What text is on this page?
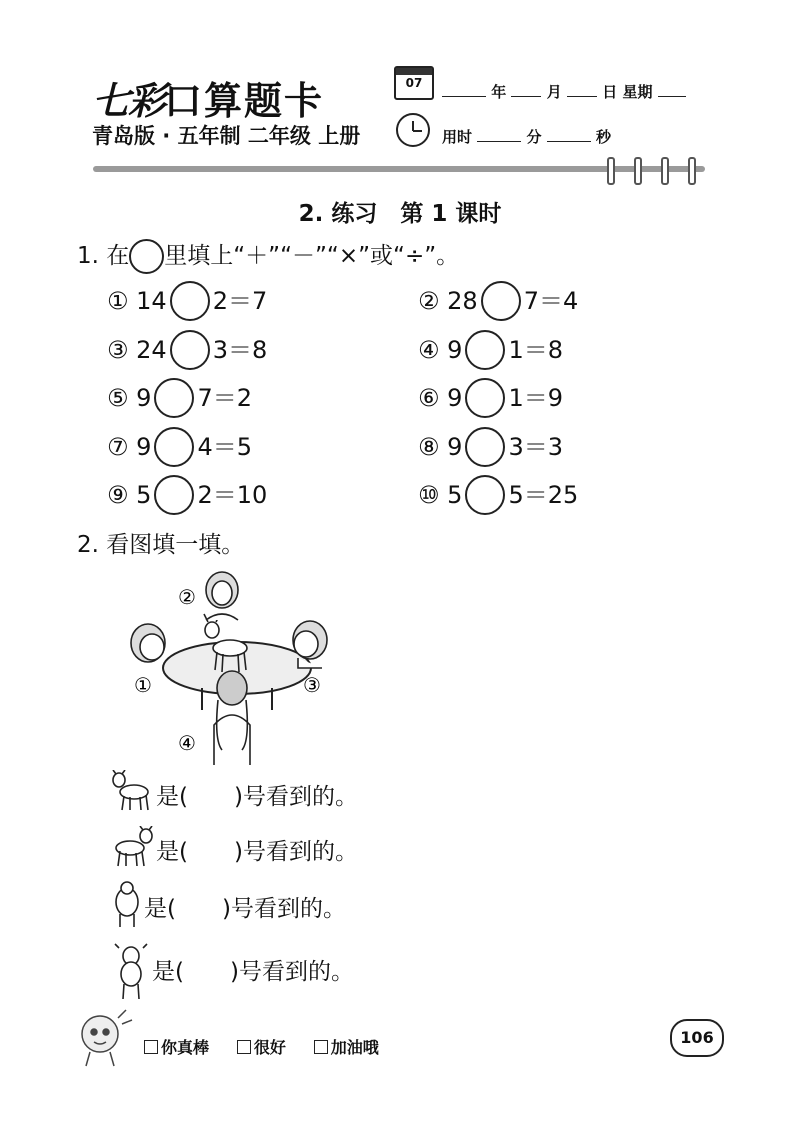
七彩口算题卡
青岛版 · 五年制 二年级 上册
07	年	月	日 星期
用时	分	秒
2. 练习　第 1 课时
1. 在 里填上“＋”“－”“×”或“÷”。
① 14 2＝7	② 28 7＝4
③ 24 3＝8	④ 9 1＝8
⑤ 9 7＝2	⑥ 9 1＝9
⑦ 9 4＝5	⑧ 9 3＝3
⑨ 5 2＝10	⑩ 5 5＝25
2. 看图填一填。
②
①	③
④
是(　　)号看到的。
是(　　)号看到的。
是(　　)号看到的。
是(　　)号看到的。
你真棒	很好	加油哦
106
